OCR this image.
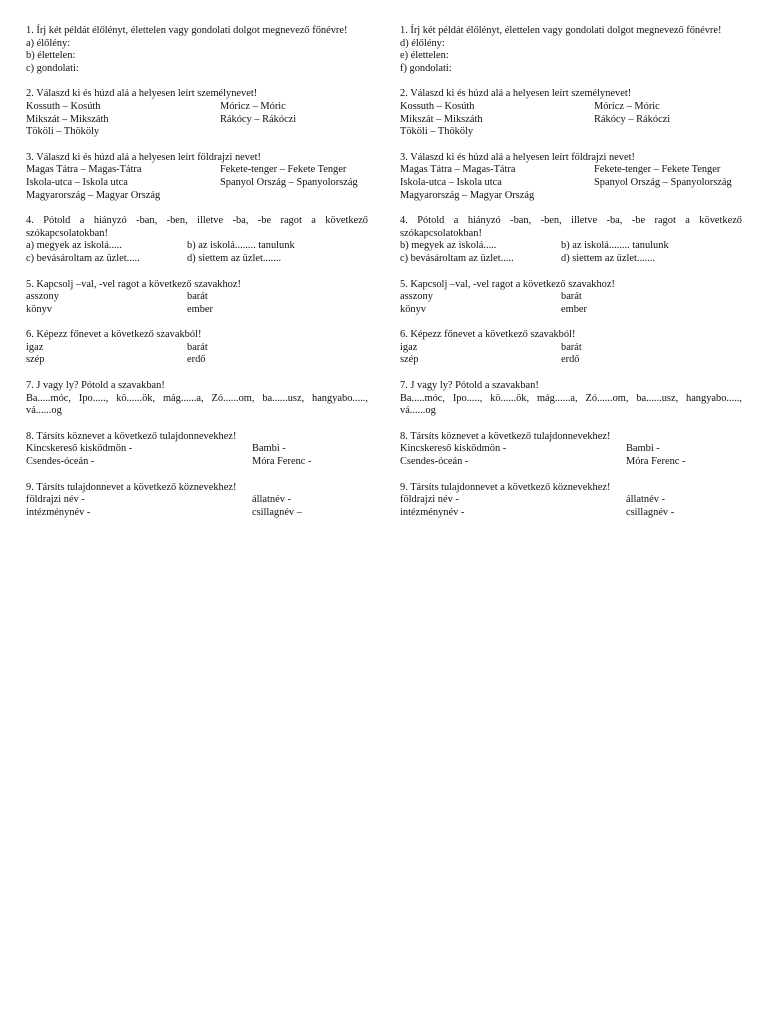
1. Írj két példát élőlényt, élettelen vagy gondolati dolgot megnevező főnévre!
a) élőlény:
b) élettelen:
c) gondolati:
2. Válaszd ki és húzd alá a helyesen leírt személynevet!
Kossuth – Kosúth	Móricz – Móric
Mikszát – Mikszáth	Rákócy – Rákóczi
Tököli – Thököly
3. Válaszd ki és húzd alá a helyesen leírt földrajzi nevet!
Magas Tátra – Magas-Tátra	Fekete-tenger – Fekete Tenger
Iskola-utca – Iskola utca	Spanyol Ország – Spanyolország
Magyarország – Magyar Ország
4. Pótold a hiányzó -ban, -ben, illetve -ba, -be ragot a következő szókapcsolatokban!
a) megyek az iskolá.....	b) az iskolá........ tanulunk
c) bevásároltam az üzlet.....	d) siettem az üzlet.......
5. Kapcsolj –val, -vel ragot a következő szavakhoz!
asszony	barát
könyv	ember
6. Képezz főnevet a következő szavakból!
igaz	barát
szép	erdő
7. J vagy ly? Pótold a szavakban!
Ba.....móc, Ipo....., kö......ök, mág......a, Zó......om, ba......usz, hangyabo....., vá......og
8. Társíts köznevet a következő tulajdonnevekhez!
Kincskereső kisködmön -	Bambi -
Csendes-óceán -	Móra Ferenc -
9. Társíts tulajdonnevet a következő köznevekhez!
földrajzi név -	állatnév -
intézménynév -	csillagnév –
1. Írj két példát élőlényt, élettelen vagy gondolati dolgot megnevező főnévre!
d) élőlény:
e) élettelen:
f) gondolati:
2. Válaszd ki és húzd alá a helyesen leírt személynevet!
Kossuth – Kosúth	Móricz – Móric
Mikszát – Mikszáth	Rákócy – Rákóczi
Tököli – Thököly
3. Válaszd ki és húzd alá a helyesen leírt földrajzi nevet!
Magas Tátra – Magas-Tátra	Fekete-tenger – Fekete Tenger
Iskola-utca – Iskola utca	Spanyol Ország – Spanyolország
Magyarország – Magyar Ország
4. Pótold a hiányzó -ban, -ben, illetve -ba, -be ragot a következő szókapcsolatokban!
b) megyek az iskolá.....	b) az iskolá........ tanulunk
c) bevásároltam az üzlet.....	d) siettem az üzlet.......
5. Kapcsolj –val, -vel ragot a következő szavakhoz!
asszony	barát
könyv	ember
6. Képezz főnevet a következő szavakból!
igaz	barát
szép	erdő
7. J vagy ly? Pótold a szavakban!
Ba.....móc, Ipo....., kö......ök, mág......a, Zó......om, ba......usz, hangyabo....., vá......og
8. Társíts köznevet a következő tulajdonnevekhez!
Kincskereső kisködmön -	Bambi -
Csendes-óceán -	Móra Ferenc -
9. Társíts tulajdonnevet a következő köznevekhez!
földrajzi név -	állatnév -
intézménynév -	csillagnév -
